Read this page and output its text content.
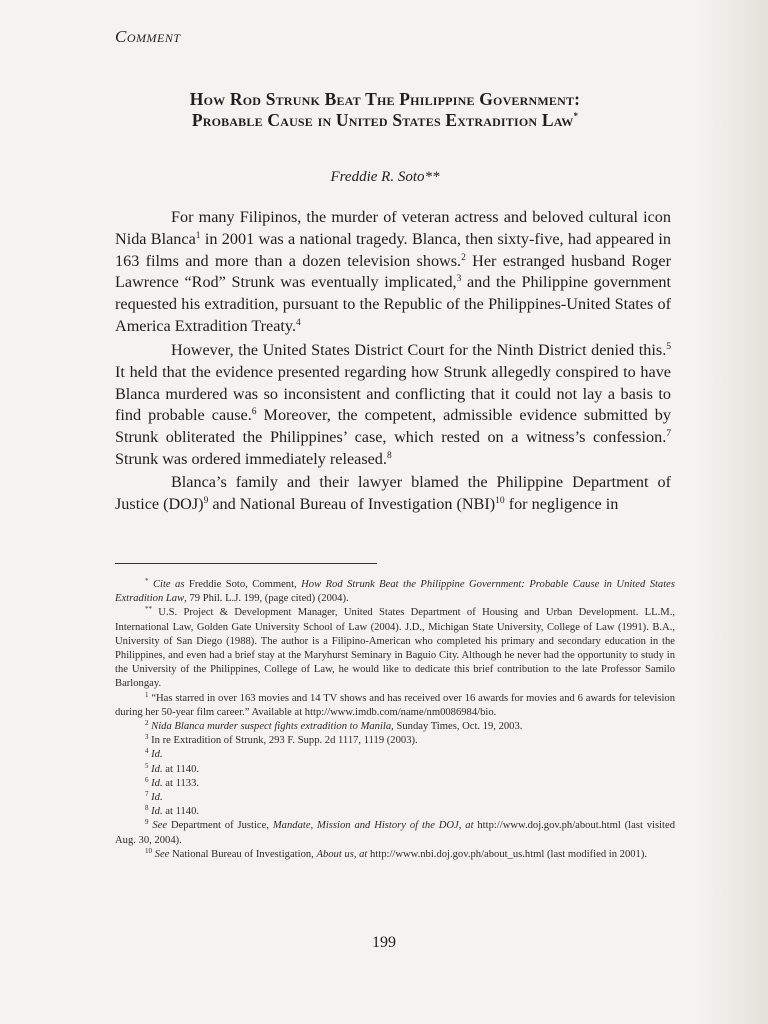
Comment
How Rod Strunk Beat The Philippine Government:
Probable Cause in United States Extradition Law*
Freddie R. Soto**

For many Filipinos, the murder of veteran actress and beloved cultural icon Nida Blanca$^1$ in 2001 was a national tragedy. Blanca, then sixty-five, had appeared in 163 films and more than a dozen television shows.$^2$ Her estranged husband Roger Lawrence “Rod” Strunk was eventually implicated,$^3$ and the Philippine government requested his extradition, pursuant to the Republic of the Philippines-United States of America Extradition Treaty.$^4$

However, the United States District Court for the Ninth District denied this.$^5$ It held that the evidence presented regarding how Strunk allegedly conspired to have Blanca murdered was so inconsistent and conflicting that it could not lay a basis to find probable cause.$^6$ Moreover, the competent, admissible evidence submitted by Strunk obliterated the Philippines’ case, which rested on a witness’s confession.$^7$ Strunk was ordered immediately released.$^8$

Blanca’s family and their lawyer blamed the Philippine Department of Justice (DOJ)$^9$ and National Bureau of Investigation (NBI)$^{10}$ for negligence in

* Cite as Freddie Soto, Comment, How Rod Strunk Beat the Philippine Government: Probable Cause in United States Extradition Law, 79 Phil. L.J. 199, (page cited) (2004).

** U.S. Project & Development Manager, United States Department of Housing and Urban Development. LL.M., International Law, Golden Gate University School of Law (2004). J.D., Michigan State University, College of Law (1991). B.A., University of San Diego (1988). The author is a Filipino-American who completed his primary and secondary education in the Philippines, and even had a brief stay at the Maryhurst Seminary in Baguio City. Although he never had the opportunity to study in the University of the Philippines, College of Law, he would like to dedicate this brief contribution to the late Professor Samilo Barlongay.

$^1$ “Has starred in over 163 movies and 14 TV shows and has received over 16 awards for movies and 6 awards for television during her 50-year film career.” Available at http://www.imdb.com/name/nm0086984/bio.

$^2$ Nida Blanca murder suspect fights extradition to Manila, Sunday Times, Oct. 19, 2003.

$^3$ In re Extradition of Strunk, 293 F. Supp. 2d 1117, 1119 (2003).

$^4$ Id.

$^5$ Id. at 1140.

$^6$ Id. at 1133.

$^7$ Id.

$^8$ Id. at 1140.

$^9$ See Department of Justice, Mandate, Mission and History of the DOJ, at http://www.doj.gov.ph/about.html (last visited Aug. 30, 2004).

$^{10}$ See National Bureau of Investigation, About us, at http://www.nbi.doj.gov.ph/about_us.html (last modified in 2001).

199
